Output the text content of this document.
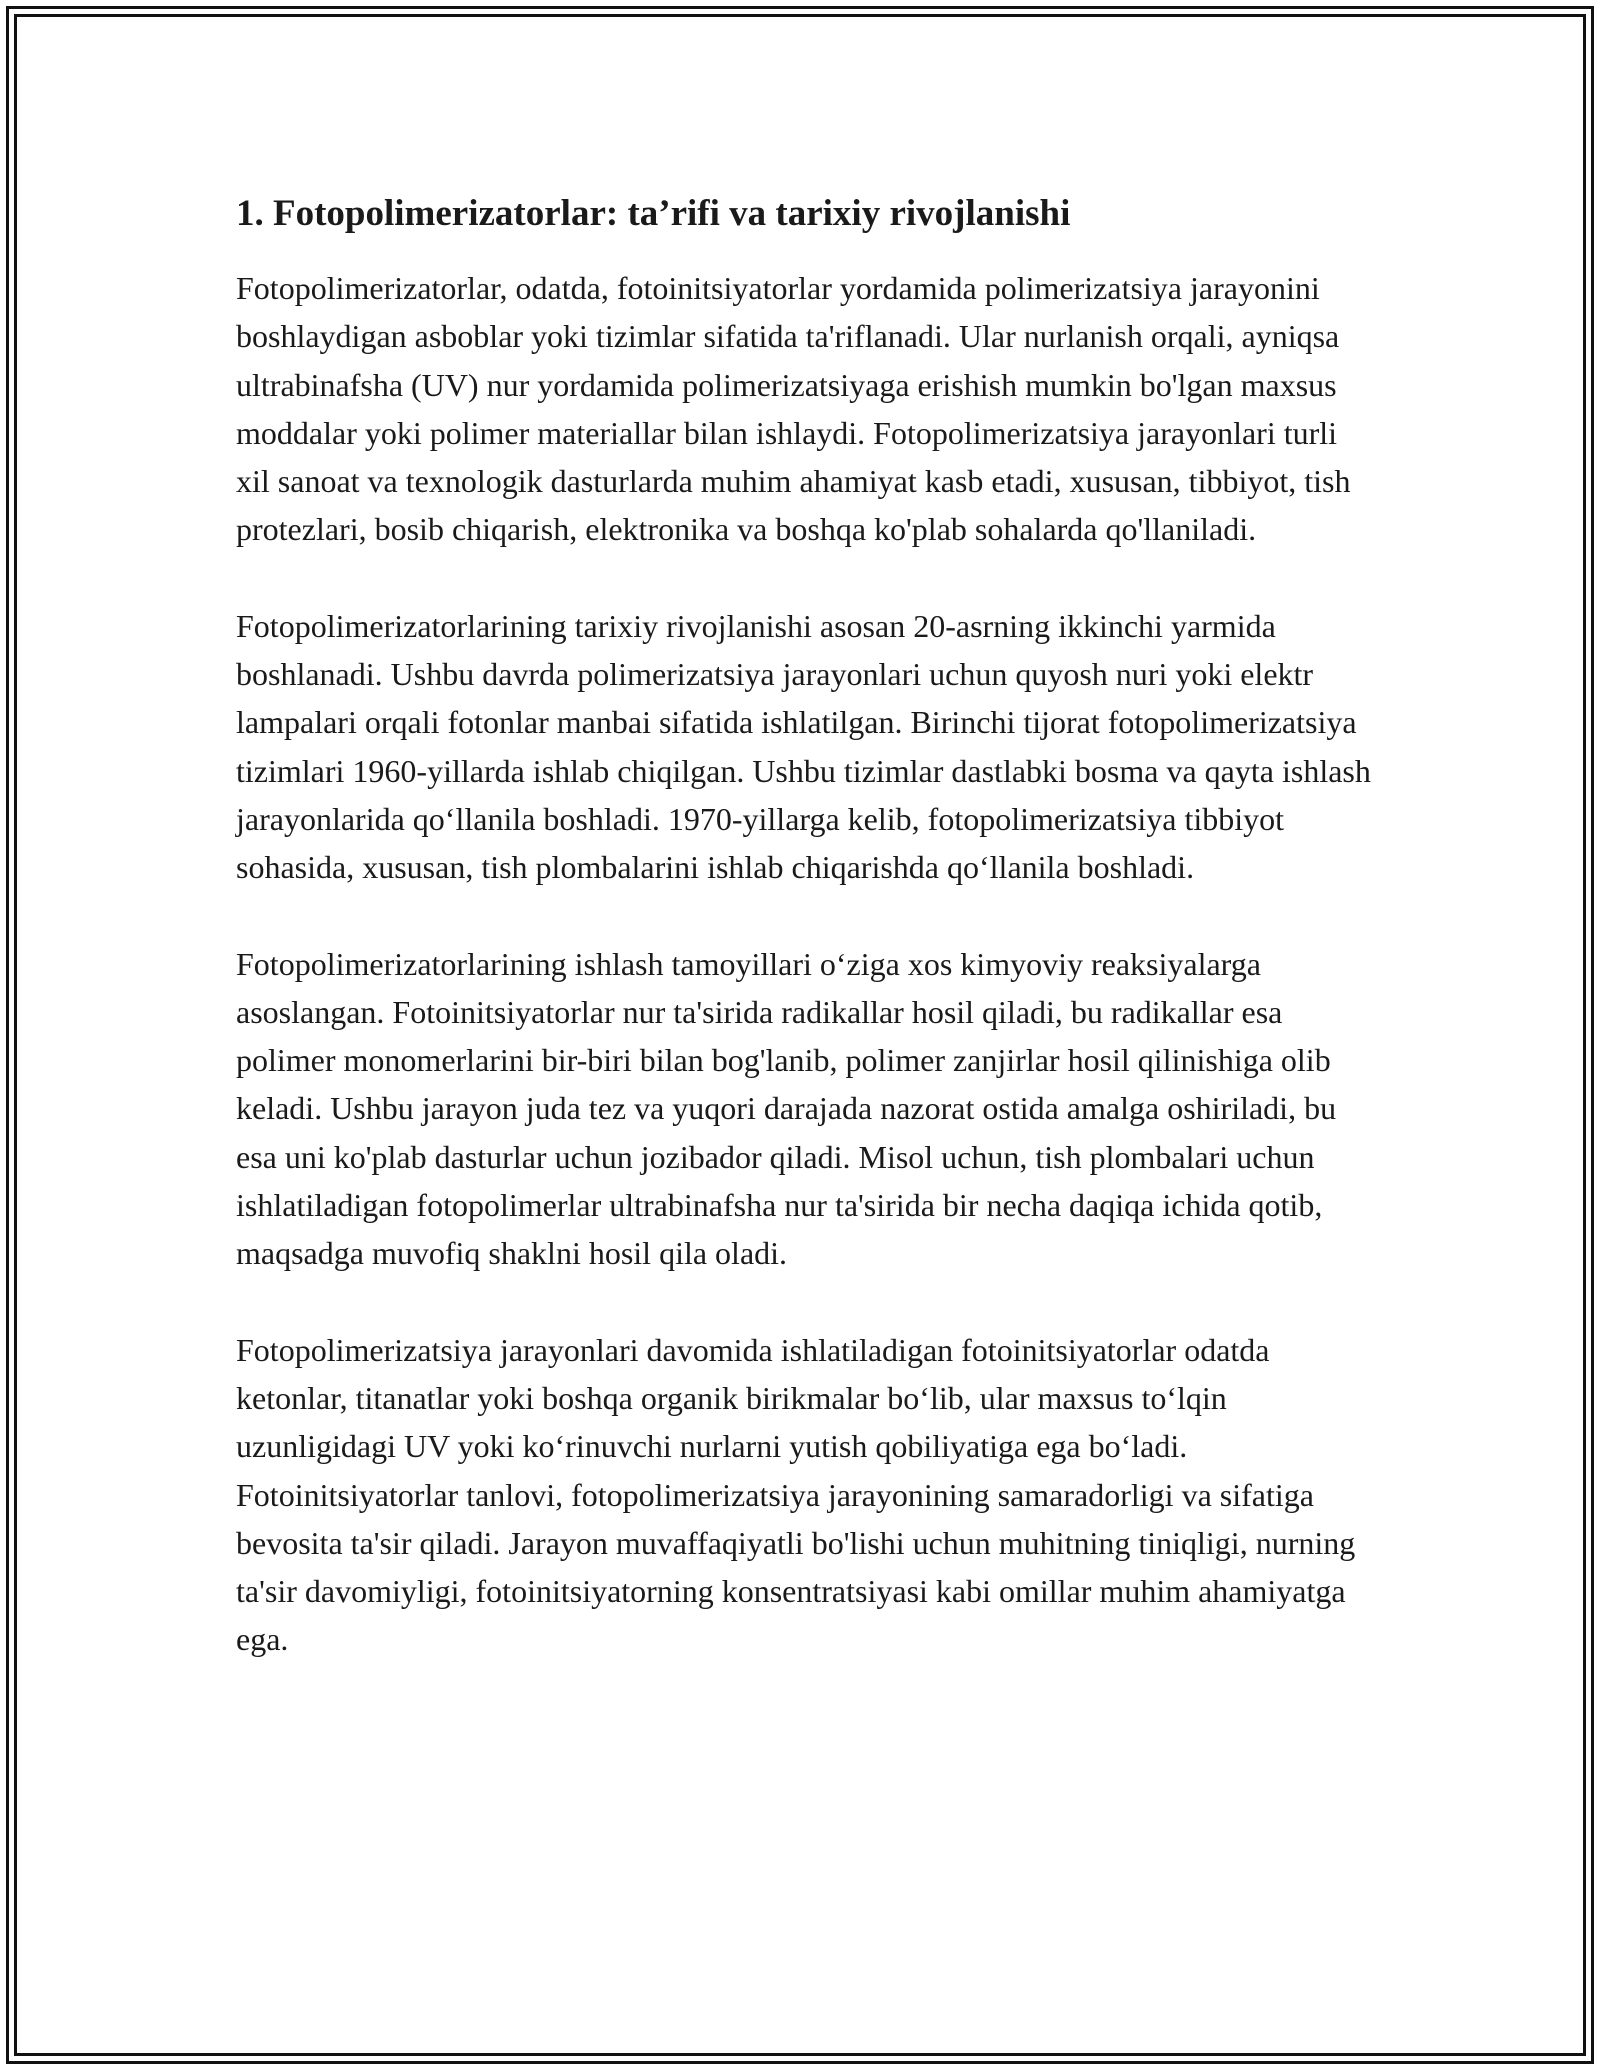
1. Fotopolimerizatorlar: ta’rifi va tarixiy rivojlanishi

Fotopolimerizatorlar, odatda, fotoinitsiyatorlar yordamida polimerizatsiya jarayonini boshlaydigan asboblar yoki tizimlar sifatida ta'riflanadi. Ular nurlanish orqali, ayniqsa ultrabinafsha (UV) nur yordamida polimerizatsiyaga erishish mumkin bo'lgan maxsus moddalar yoki polimer materiallar bilan ishlaydi. Fotopolimerizatsiya jarayonlari turli xil sanoat va texnologik dasturlarda muhim ahamiyat kasb etadi, xususan, tibbiyot, tish protezlari, bosib chiqarish, elektronika va boshqa ko'plab sohalarda qo'llaniladi.

Fotopolimerizatorlarining tarixiy rivojlanishi asosan 20-asrning ikkinchi yarmida boshlanadi. Ushbu davrda polimerizatsiya jarayonlari uchun quyosh nuri yoki elektr lampalari orqali fotonlar manbai sifatida ishlatilgan. Birinchi tijorat fotopolimerizatsiya tizimlari 1960-yillarda ishlab chiqilgan. Ushbu tizimlar dastlabki bosma va qayta ishlash jarayonlarida qo‘llanila boshladi. 1970-yillarga kelib, fotopolimerizatsiya tibbiyot sohasida, xususan, tish plombalarini ishlab chiqarishda qo‘llanila boshladi.

Fotopolimerizatorlarining ishlash tamoyillari o‘ziga xos kimyoviy reaksiyalarga asoslangan. Fotoinitsiyatorlar nur ta'sirida radikallar hosil qiladi, bu radikallar esa polimer monomerlarini bir-biri bilan bog'lanib, polimer zanjirlar hosil qilinishiga olib keladi. Ushbu jarayon juda tez va yuqori darajada nazorat ostida amalga oshiriladi, bu esa uni ko'plab dasturlar uchun jozibador qiladi. Misol uchun, tish plombalari uchun ishlatiladigan fotopolimerlar ultrabinafsha nur ta'sirida bir necha daqiqa ichida qotib, maqsadga muvofiq shaklni hosil qila oladi.

Fotopolimerizatsiya jarayonlari davomida ishlatiladigan fotoinitsiyatorlar odatda ketonlar, titanatlar yoki boshqa organik birikmalar bo‘lib, ular maxsus to‘lqin uzunligidagi UV yoki ko‘rinuvchi nurlarni yutish qobiliyatiga ega bo‘ladi. Fotoinitsiyatorlar tanlovi, fotopolimerizatsiya jarayonining samaradorligi va sifatiga bevosita ta'sir qiladi. Jarayon muvaffaqiyatli bo'lishi uchun muhitning tiniqligi, nurning ta'sir davomiyligi, fotoinitsiyatorning konsentratsiyasi kabi omillar muhim ahamiyatga ega.
